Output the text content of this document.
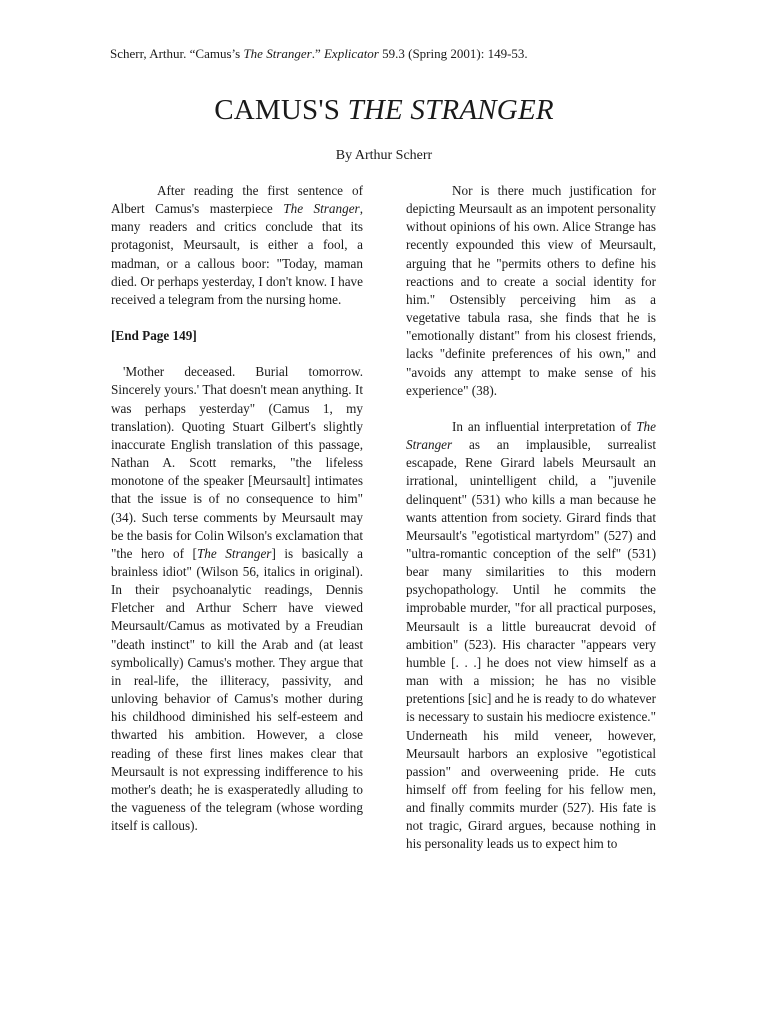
Scherr, Arthur. “Camus’s The Stranger.” Explicator 59.3 (Spring 2001): 149-53.
CAMUS'S THE STRANGER
By Arthur Scherr

After reading the first sentence of Albert Camus's masterpiece The Stranger, many readers and critics conclude that its protagonist, Meursault, is either a fool, a madman, or a callous boor: "Today, maman died. Or perhaps yesterday, I don't know. I have received a telegram from the nursing home.

[End Page 149]

'Mother deceased. Burial tomorrow. Sincerely yours.' That doesn't mean anything. It was perhaps yesterday" (Camus 1, my translation). Quoting Stuart Gilbert's slightly inaccurate English translation of this passage, Nathan A. Scott remarks, "the lifeless monotone of the speaker [Meursault] intimates that the issue is of no consequence to him" (34). Such terse comments by Meursault may be the basis for Colin Wilson's exclamation that "the hero of [The Stranger] is basically a brainless idiot" (Wilson 56, italics in original). In their psychoanalytic readings, Dennis Fletcher and Arthur Scherr have viewed Meursault/Camus as motivated by a Freudian "death instinct" to kill the Arab and (at least symbolically) Camus's mother. They argue that in real-life, the illiteracy, passivity, and unloving behavior of Camus's mother during his childhood diminished his self-esteem and thwarted his ambition. However, a close reading of these first lines makes clear that Meursault is not expressing indifference to his mother's death; he is exasperatedly alluding to the vagueness of the telegram (whose wording itself is callous).

Nor is there much justification for depicting Meursault as an impotent personality without opinions of his own. Alice Strange has recently expounded this view of Meursault, arguing that he "permits others to define his reactions and to create a social identity for him." Ostensibly perceiving him as a vegetative tabula rasa, she finds that he is "emotionally distant" from his closest friends, lacks "definite preferences of his own," and "avoids any attempt to make sense of his experience" (38).

In an influential interpretation of The Stranger as an implausible, surrealist escapade, Rene Girard labels Meursault an irrational, unintelligent child, a "juvenile delinquent" (531) who kills a man because he wants attention from society. Girard finds that Meursault's "egotistical martyrdom" (527) and "ultra-romantic conception of the self" (531) bear many similarities to this modern psychopathology. Until he commits the improbable murder, "for all practical purposes, Meursault is a little bureaucrat devoid of ambition" (523). His character "appears very humble [. . .] he does not view himself as a man with a mission; he has no visible pretentions [sic] and he is ready to do whatever is necessary to sustain his mediocre existence." Underneath his mild veneer, however, Meursault harbors an explosive "egotistical passion" and overweening pride. He cuts himself off from feeling for his fellow men, and finally commits murder (527). His fate is not tragic, Girard argues, because nothing in his personality leads us to expect him to
